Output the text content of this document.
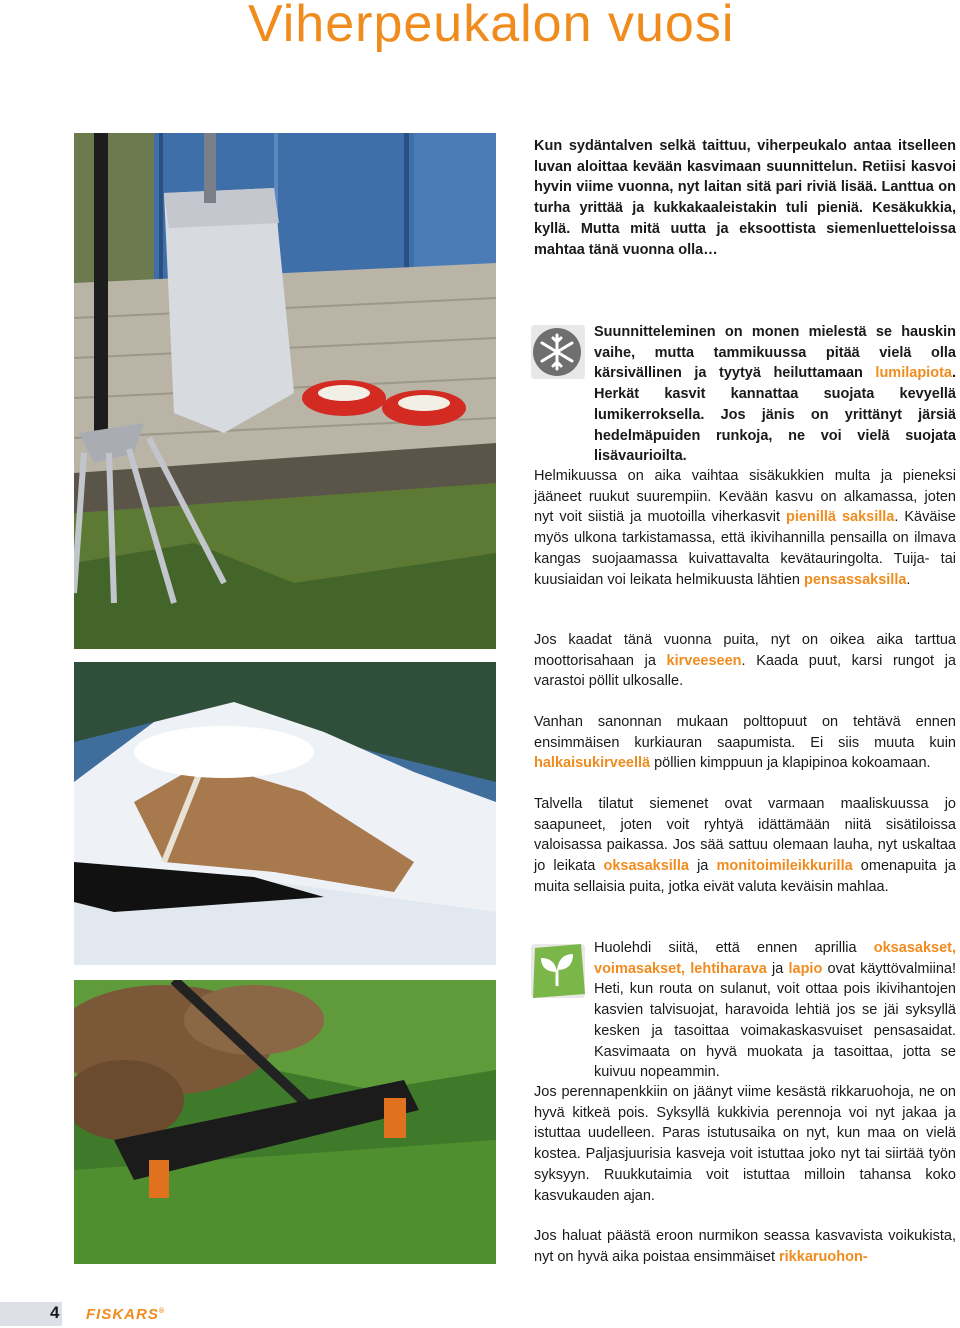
Viherpeukalon vuosi

Kun sydäntalven selkä taittuu, viherpeukalo antaa itselleen luvan aloittaa kevään kasvimaan suunnittelun. Retiisi kasvoi hyvin viime vuonna, nyt laitan sitä pari riviä lisää. Lanttua on turha yrittää ja kukkakaaleistakin tuli pieniä. Kesäkukkia, kyllä. Mutta mitä uutta ja eksoottista siemenluetteloissa mahtaa tänä vuonna olla…

Suunnitteleminen on monen mielestä se hauskin vaihe, mutta tammikuussa pitää vielä olla kärsivällinen ja tyytyä heiluttamaan lumilapiota. Herkät kasvit kannattaa suojata kevyellä lumikerroksella. Jos jänis on yrittänyt järsiä hedelmäpuiden runkoja, ne voi vielä suojata lisävaurioilta.

Helmikuussa on aika vaihtaa sisäkukkien multa ja pieneksi jääneet ruukut suurempiin. Kevään kasvu on alkamassa, joten nyt voit siistiä ja muotoilla viherkasvit pienillä saksilla. Käväise myös ulkona tarkistamassa, että ikivihannilla pensailla on ilmava kangas suojaamassa kuivattavalta kevätauringolta. Tuija- tai kuusiaidan voi leikata helmikuusta lähtien pensassaksilla.

Jos kaadat tänä vuonna puita, nyt on oikea aika tarttua moottorisahaan ja kirveeseen. Kaada puut, karsi rungot ja varastoi pöllit ulkosalle.

Vanhan sanonnan mukaan polttopuut on tehtävä ennen ensimmäisen kurkiauran saapumista. Ei siis muuta kuin halkaisukirveellä pöllien kimppuun ja klapipinoa kokoamaan.

Talvella tilatut siemenet ovat varmaan maaliskuussa jo saapuneet, joten voit ryhtyä idättämään niitä sisätiloissa valoisassa paikassa. Jos sää sattuu olemaan lauha, nyt uskaltaa jo leikata oksasaksilla ja monitoimileikkurilla omenapuita ja muita sellaisia puita, jotka eivät valuta keväisin mahlaa.

Huolehdi siitä, että ennen aprillia oksasakset, voimasakset, lehtiharava ja lapio ovat käyttövalmiina! Heti, kun routa on sulanut, voit ottaa pois ikivihantojen kasvien talvisuojat, haravoida lehtiä jos se jäi syksyllä kesken ja tasoittaa voimakaskasvuiset pensasaidat. Kasvimaata on hyvä muokata ja tasoittaa, jotta se kuivuu nopeammin.

Jos perennapenkkiin on jäänyt viime kesästä rikkaruohoja, ne on hyvä kitkeä pois. Syksyllä kukkivia perennoja voi nyt jakaa ja istuttaa uudelleen. Paras istutusaika on nyt, kun maa on vielä kostea. Paljasjuurisia kasveja voit istuttaa joko nyt tai siirtää työn syksyyn. Ruukkutaimia voit istuttaa milloin tahansa koko kasvukauden ajan.

Jos haluat päästä eroon nurmikon seassa kasvavista voikukista, nyt on hyvä aika poistaa ensimmäiset rikkaruohon-

4 FISKARS®
